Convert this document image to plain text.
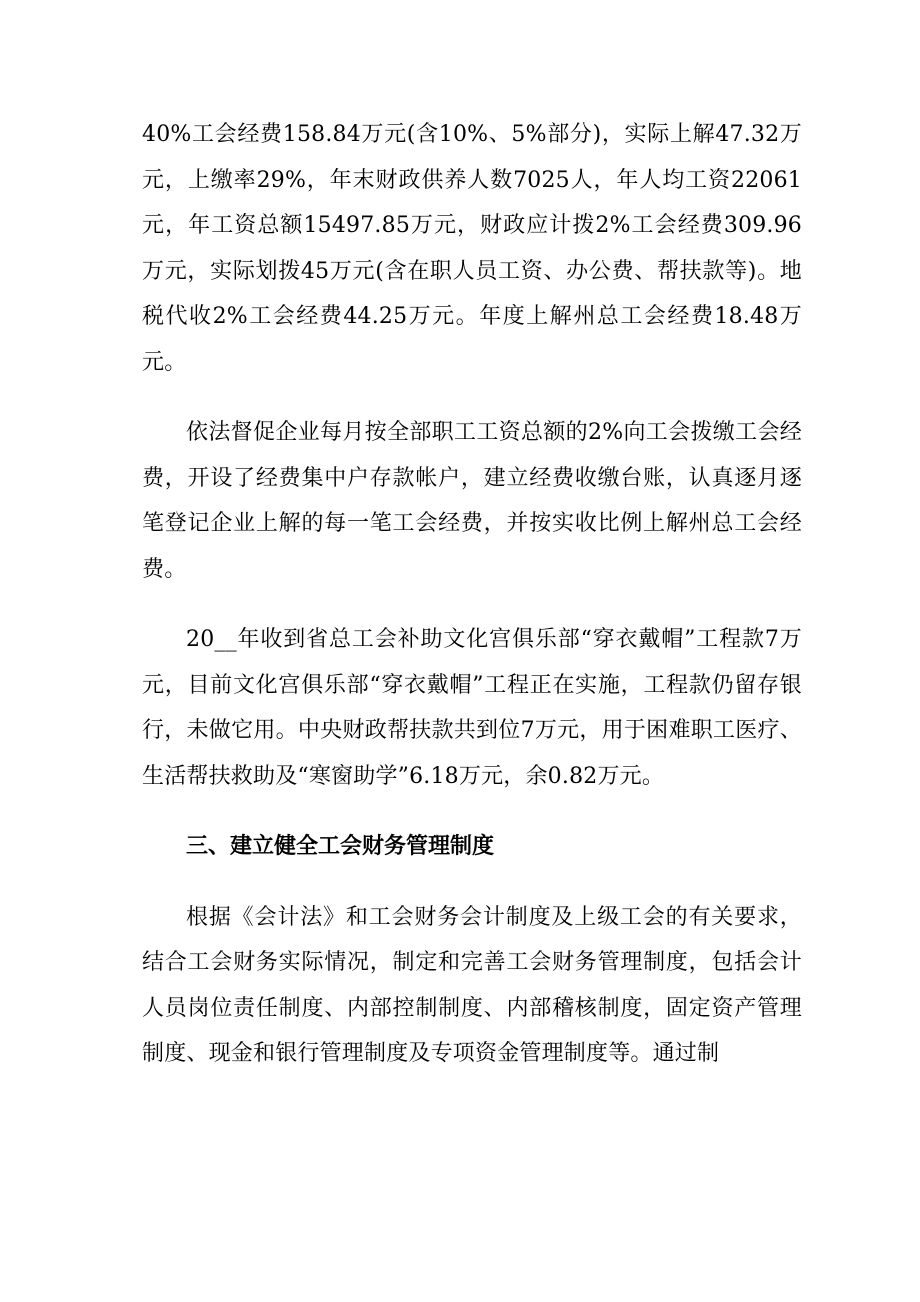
40%工会经费158.84万元(含10%、5%部分)，实际上解47.32万元，上缴率29%，年末财政供养人数7025人，年人均工资22061元，年工资总额15497.85万元，财政应计拨2%工会经费309.96万元，实际划拨45万元(含在职人员工资、办公费、帮扶款等)。地税代收2%工会经费44.25万元。年度上解州总工会经费18.48万元。

依法督促企业每月按全部职工工资总额的2%向工会拨缴工会经费，开设了经费集中户存款帐户，建立经费收缴台账，认真逐月逐笔登记企业上解的每一笔工会经费，并按实收比例上解州总工会经费。

20__年收到省总工会补助文化宫俱乐部“穿衣戴帽”工程款7万元，目前文化宫俱乐部“穿衣戴帽”工程正在实施，工程款仍留存银行，未做它用。中央财政帮扶款共到位7万元，用于困难职工医疗、生活帮扶救助及“寒窗助学”6.18万元，余0.82万元。

三、建立健全工会财务管理制度

根据《会计法》和工会财务会计制度及上级工会的有关要求，结合工会财务实际情况，制定和完善工会财务管理制度，包括会计人员岗位责任制度、内部控制制度、内部稽核制度，固定资产管理制度、现金和银行管理制度及专项资金管理制度等。通过制
